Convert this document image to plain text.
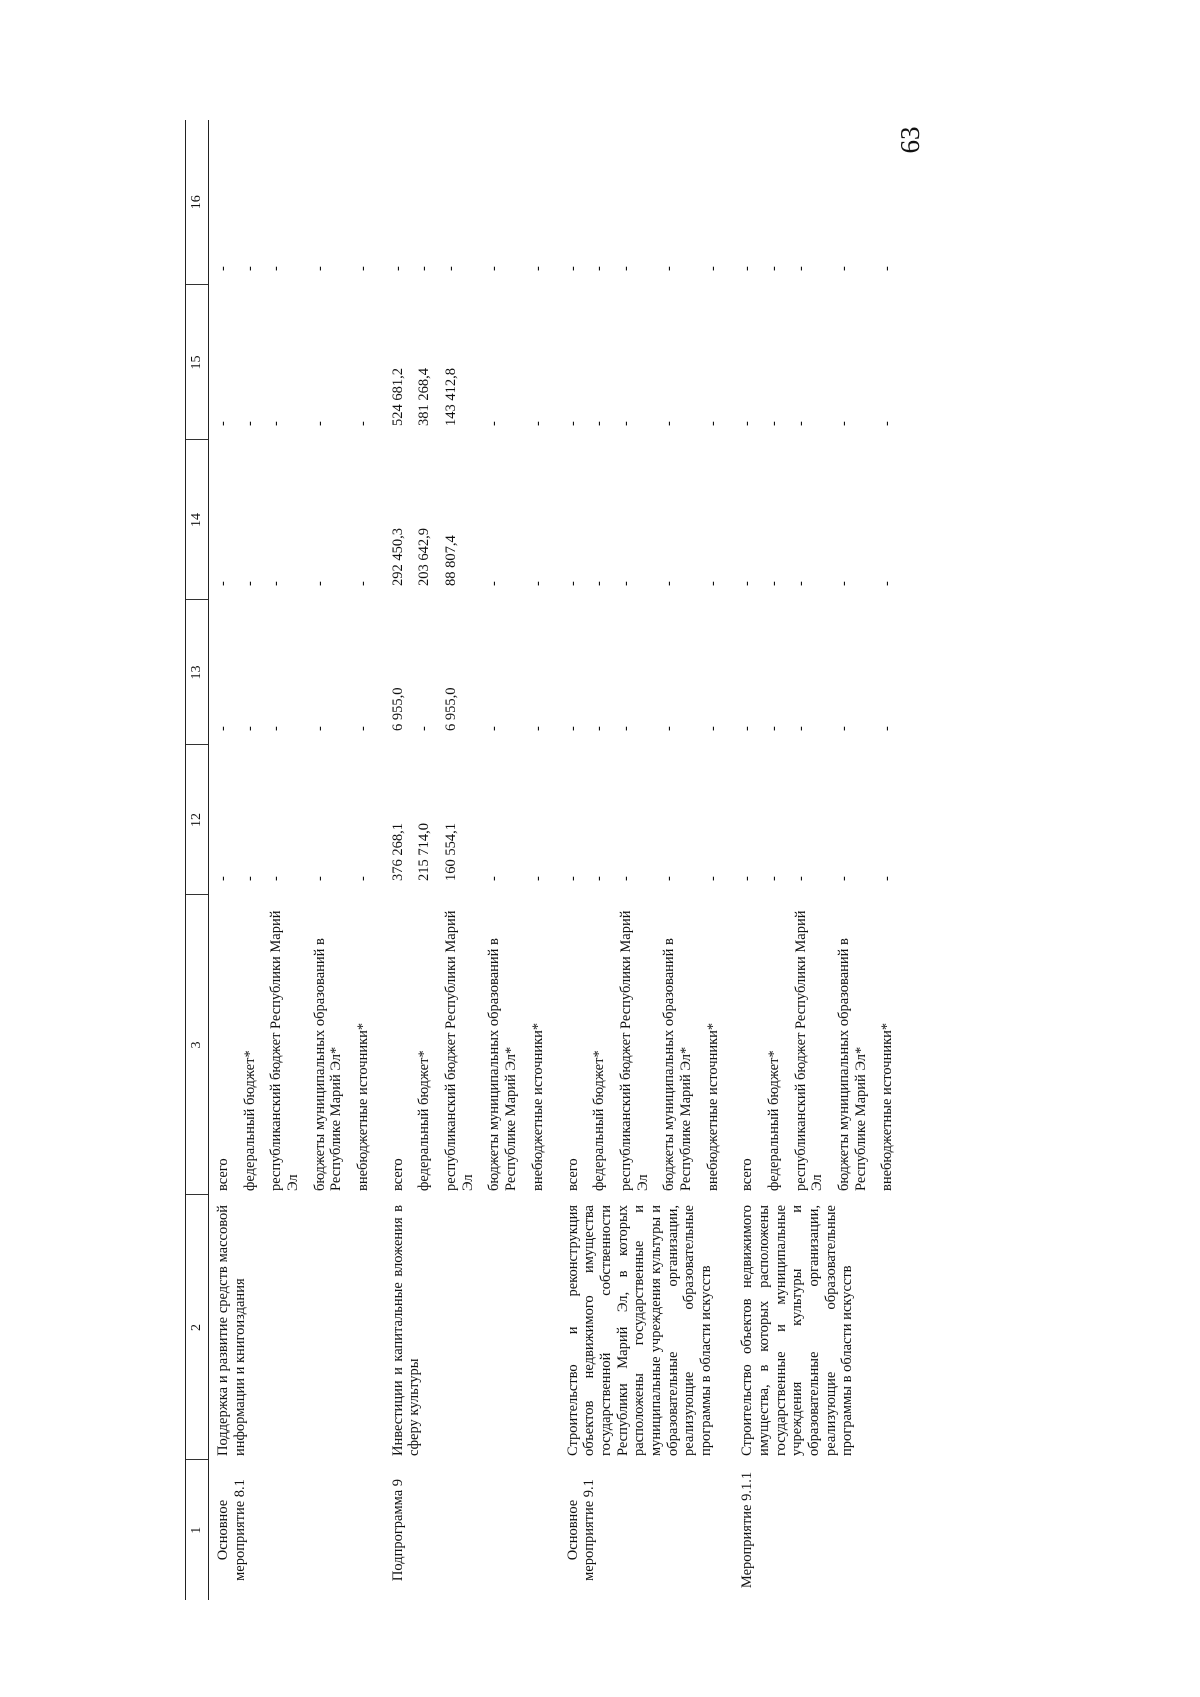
63
1	2	3	12	13	14	15	16
Основное мероприятие 8.1	Поддержка и развитие средств массовой информации и книгоиздания	всего	-	-	-	-	-
		федеральный бюджет*	-	-	-	-	-
		республиканский бюджет Республики Марий Эл	-	-	-	-	-
		бюджеты муниципальных образований в Республике Марий Эл*	-	-	-	-	-
		внебюджетные источники*	-	-	-	-	-
Подпрограмма 9	Инвестиции и капитальные вложения в сферу культуры	всего	376 268,1	6 955,0	292 450,3	524 681,2	-
		федеральный бюджет*	215 714,0	-	203 642,9	381 268,4	-
		республиканский бюджет Республики Марий Эл	160 554,1	6 955,0	88 807,4	143 412,8	-
		бюджеты муниципальных образований в Республике Марий Эл*	-	-	-	-	-
		внебюджетные источники*	-	-	-	-	-
Основное мероприятие 9.1	Строительство и реконструкция объектов недвижимого имущества государственной собственности Республики Марий Эл, в которых расположены государственные и муниципальные учреждения культуры и образовательные организации, реализующие образовательные программы в области искусств	всего	-	-	-	-	-
		федеральный бюджет*	-	-	-	-	-
		республиканский бюджет Республики Марий Эл	-	-	-	-	-
		бюджеты муниципальных образований в Республике Марий Эл*	-	-	-	-	-
		внебюджетные источники*	-	-	-	-	-
Мероприятие 9.1.1	Строительство объектов недвижимого имущества, в которых расположены государственные и муниципальные учреждения культуры и образовательные организации, реализующие образовательные программы в области искусств	всего	-	-	-	-	-
		федеральный бюджет*	-	-	-	-	-
		республиканский бюджет Республики Марий Эл	-	-	-	-	-
		бюджеты муниципальных образований в Республике Марий Эл*	-	-	-	-	-
		внебюджетные источники*	-	-	-	-	-
